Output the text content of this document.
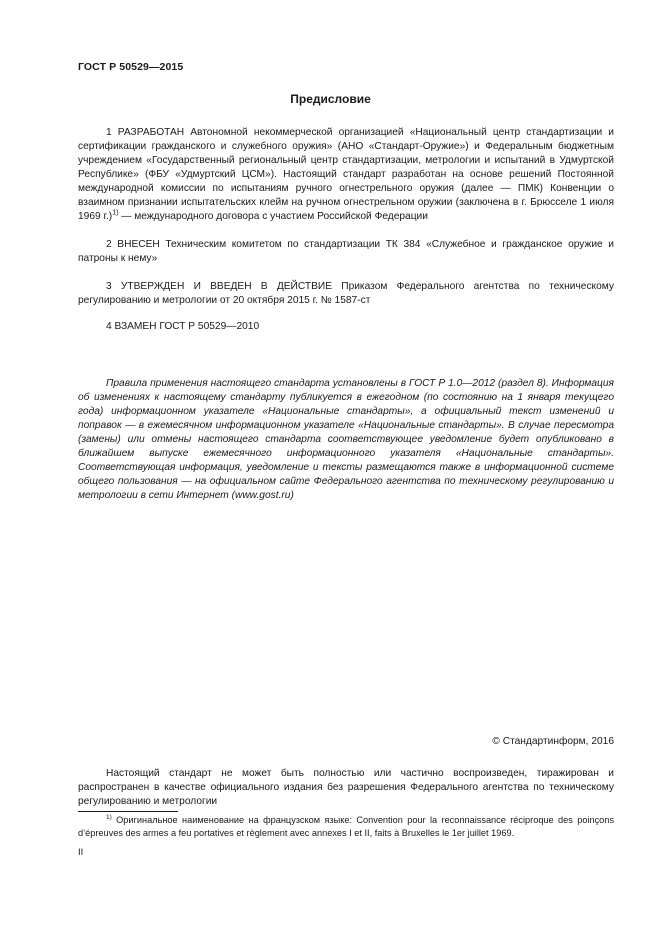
ГОСТ Р 50529—2015
Предисловие

1 РАЗРАБОТАН Автономной некоммерческой организацией «Национальный центр стандартизации и сертификации гражданского и служебного оружия» (АНО «Стандарт-Оружие») и Федеральным бюджетным учреждением «Государственный региональный центр стандартизации, метрологии и испытаний в Удмуртской Республике» (ФБУ «Удмуртский ЦСМ»). Настоящий стандарт разработан на основе решений Постоянной международной комиссии по испытаниям ручного огнестрельного оружия (далее — ПМК) Конвенции о взаимном признании испытательских клейм на ручном огнестрельном оружии (заключена в г. Брюсселе 1 июля 1969 г.)$^{1)}$ — международного договора с участием Российской Федерации

2 ВНЕСЕН Техническим комитетом по стандартизации ТК 384 «Служебное и гражданское оружие и патроны к нему»

3 УТВЕРЖДЕН И ВВЕДЕН В ДЕЙСТВИЕ Приказом Федерального агентства по техническому регулированию и метрологии от 20 октября 2015 г. № 1587-ст

4 ВЗАМЕН ГОСТ Р 50529—2010

Правила применения настоящего стандарта установлены в ГОСТ Р 1.0—2012 (раздел 8). Информация об изменениях к настоящему стандарту публикуется в ежегодном (по состоянию на 1 января текущего года) информационном указателе «Национальные стандарты», а официальный текст изменений и поправок — в ежемесячном информационном указателе «Национальные стандарты». В случае пересмотра (замены) или отмены настоящего стандарта соответствующее уведомление будет опубликовано в ближайшем выпуске ежемесячного информационного указателя «Национальные стандарты». Соответствующая информация, уведомление и тексты размещаются также в информационной системе общего пользования — на официальном сайте Федерального агентства по техническому регулированию и метрологии в сети Интернет (www.gost.ru)

© Стандартинформ, 2016

Настоящий стандарт не может быть полностью или частично воспроизведен, тиражирован и распространен в качестве официального издания без разрешения Федерального агентства по техническому регулированию и метрологии

$^{1)}$ Оригинальное наименование на французском языке: Convention pour la reconnaissance réciproque des poinçons d’épreuves des armes a feu portatives et règlement avec annexes I et II, faits à Bruxelles le 1er juillet 1969.
II
